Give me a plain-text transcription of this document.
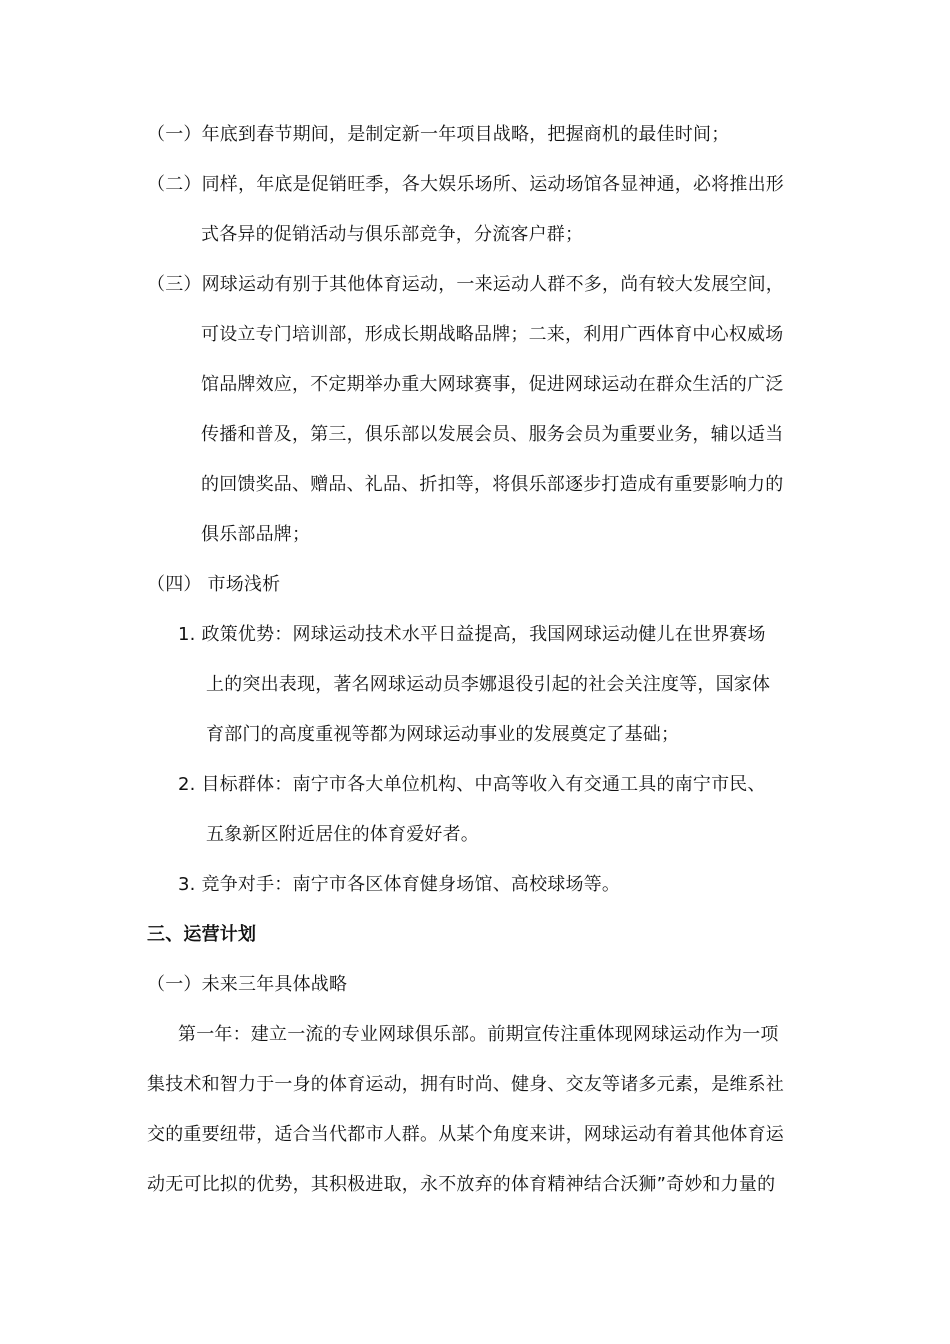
（一）年底到春节期间，是制定新一年项目战略，把握商机的最佳时间；
（二）同样，年底是促销旺季，各大娱乐场所、运动场馆各显神通，必将推出形
式各异的促销活动与俱乐部竞争，分流客户群；
（三）网球运动有别于其他体育运动，一来运动人群不多，尚有较大发展空间，
可设立专门培训部，形成长期战略品牌；二来，利用广西体育中心权威场
馆品牌效应，不定期举办重大网球赛事，促进网球运动在群众生活的广泛
传播和普及，第三，俱乐部以发展会员、服务会员为重要业务，辅以适当
的回馈奖品、赠品、礼品、折扣等，将俱乐部逐步打造成有重要影响力的
俱乐部品牌；
（四） 市场浅析
1. 政策优势：网球运动技术水平日益提高，我国网球运动健儿在世界赛场
上的突出表现，著名网球运动员李娜退役引起的社会关注度等，国家体
育部门的高度重视等都为网球运动事业的发展奠定了基础；
2. 目标群体：南宁市各大单位机构、中高等收入有交通工具的南宁市民、
五象新区附近居住的体育爱好者。
3. 竞争对手：南宁市各区体育健身场馆、高校球场等。
三、运营计划
（一）未来三年具体战略
第一年：建立一流的专业网球俱乐部。前期宣传注重体现网球运动作为一项
集技术和智力于一身的体育运动，拥有时尚、健身、交友等诸多元素，是维系社
交的重要纽带，适合当代都市人群。从某个角度来讲，网球运动有着其他体育运
动无可比拟的优势，其积极进取，永不放弃的体育精神结合沃狮”奇妙和力量的
